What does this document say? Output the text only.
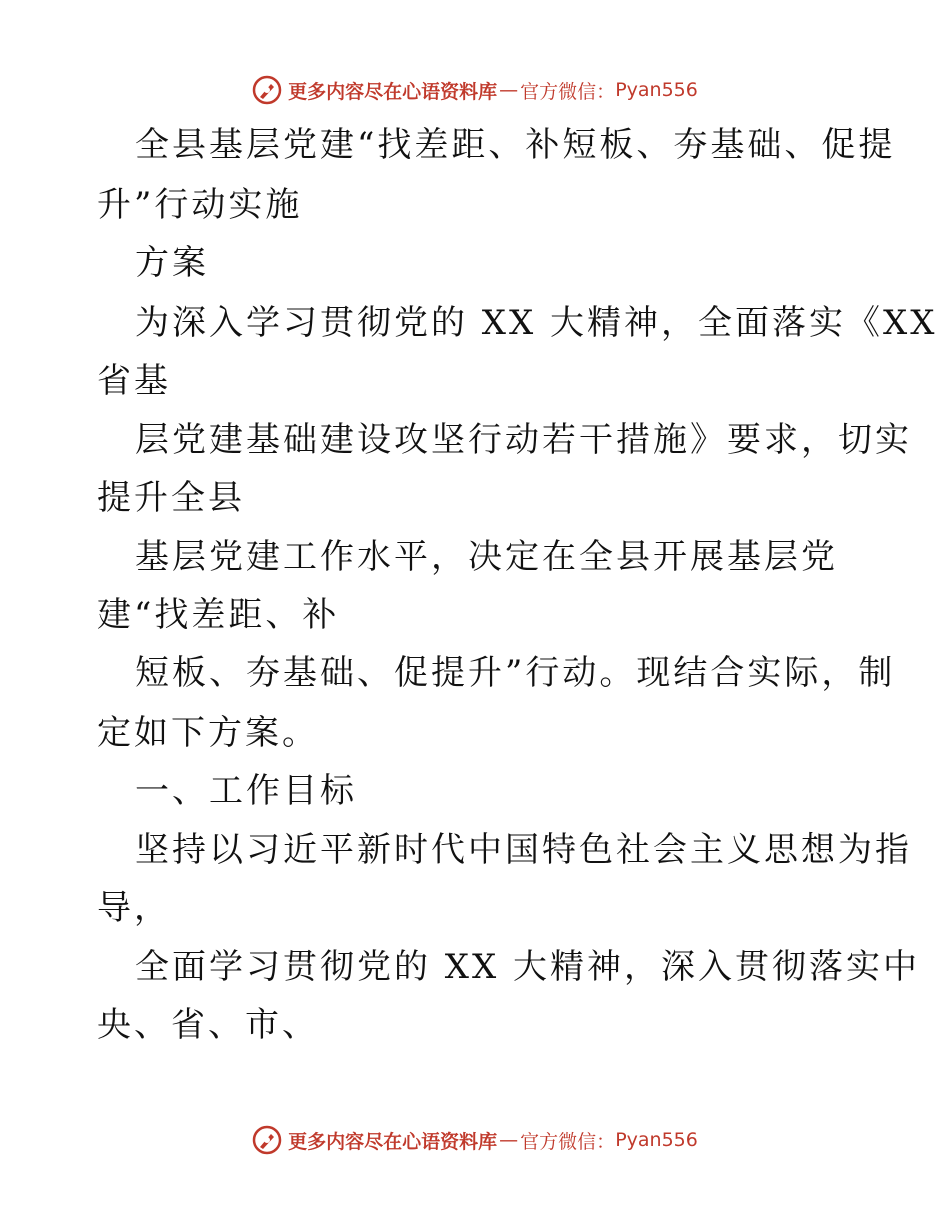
更多内容尽在心语资料库 — 官方微信： Pyan556
全县基层党建“找差距、补短板、夯基础、促提
升”行动实施
方案
为深入学习贯彻党的 XX 大精神，全面落实《XX
省基
层党建基础建设攻坚行动若干措施》要求，切实
提升全县
基层党建工作水平，决定在全县开展基层党
建“找差距、补
短板、夯基础、促提升”行动。现结合实际，制
定如下方案。
一、工作目标
坚持以习近平新时代中国特色社会主义思想为指
导，
全面学习贯彻党的 XX 大精神，深入贯彻落实中
央、省、市、
更多内容尽在心语资料库 — 官方微信： Pyan556
